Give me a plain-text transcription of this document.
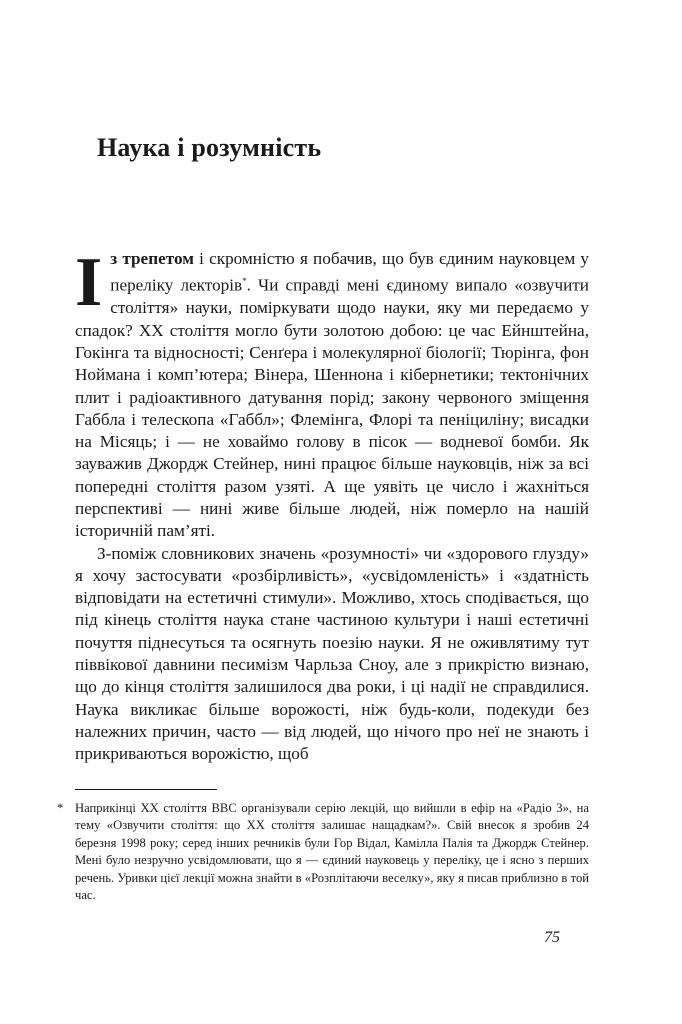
Наука і розумність

Із трепетом і скромністю я побачив, що був єдиним науковцем у переліку лекторів*. Чи справді мені єдиному випало «озвучити століття» науки, поміркувати щодо науки, яку ми передаємо у спадок? XX століття могло бути золотою добою: це час Ейнштейна, Гокінга та відносності; Сенґера і молекулярної біології; Тюрінга, фон Ноймана і комп’ютера; Вінера, Шеннона і кібернетики; тектонічних плит і радіоактивного датування порід; закону червоного зміщення Габбла і телескопа «Габбл»; Флемінга, Флорі та пеніциліну; висадки на Місяць; і — не ховаймо голову в пісок — водневої бомби. Як зауважив Джордж Стейнер, нині працює більше науковців, ніж за всі попередні століття разом узяті. А ще уявіть це число і жахніться перспективі — нині живе більше людей, ніж померло на нашій історичній пам’яті.

З-поміж словникових значень «розумності» чи «здорового глузду» я хочу застосувати «розбірливість», «усвідомленість» і «здатність відповідати на естетичні стимули». Можливо, хтось сподівається, що під кінець століття наука стане частиною культури і наші естетичні почуття піднесуться та осягнуть поезію науки. Я не оживлятиму тут піввікової давнини песимізм Чарльза Сноу, але з прикрістю визнаю, що до кінця століття залишилося два роки, і ці надії не справдилися. Наука викликає більше ворожості, ніж будь-коли, подекуди без належних причин, часто — від людей, що нічого про неї не знають і прикриваються ворожістю, щоб

* Наприкінці XX століття BBC організували серію лекцій, що вийшли в ефір на «Радіо 3», на тему «Озвучити століття: що XX століття залишає нащадкам?». Свій внесок я зробив 24 березня 1998 року; серед інших речників були Гор Відал, Камілла Палія та Джордж Стейнер. Мені було незручно усвідомлювати, що я — єдиний науковець у переліку, це і ясно з перших речень. Уривки цієї лекції можна знайти в «Розплітаючи веселку», яку я писав приблизно в той час.
75
